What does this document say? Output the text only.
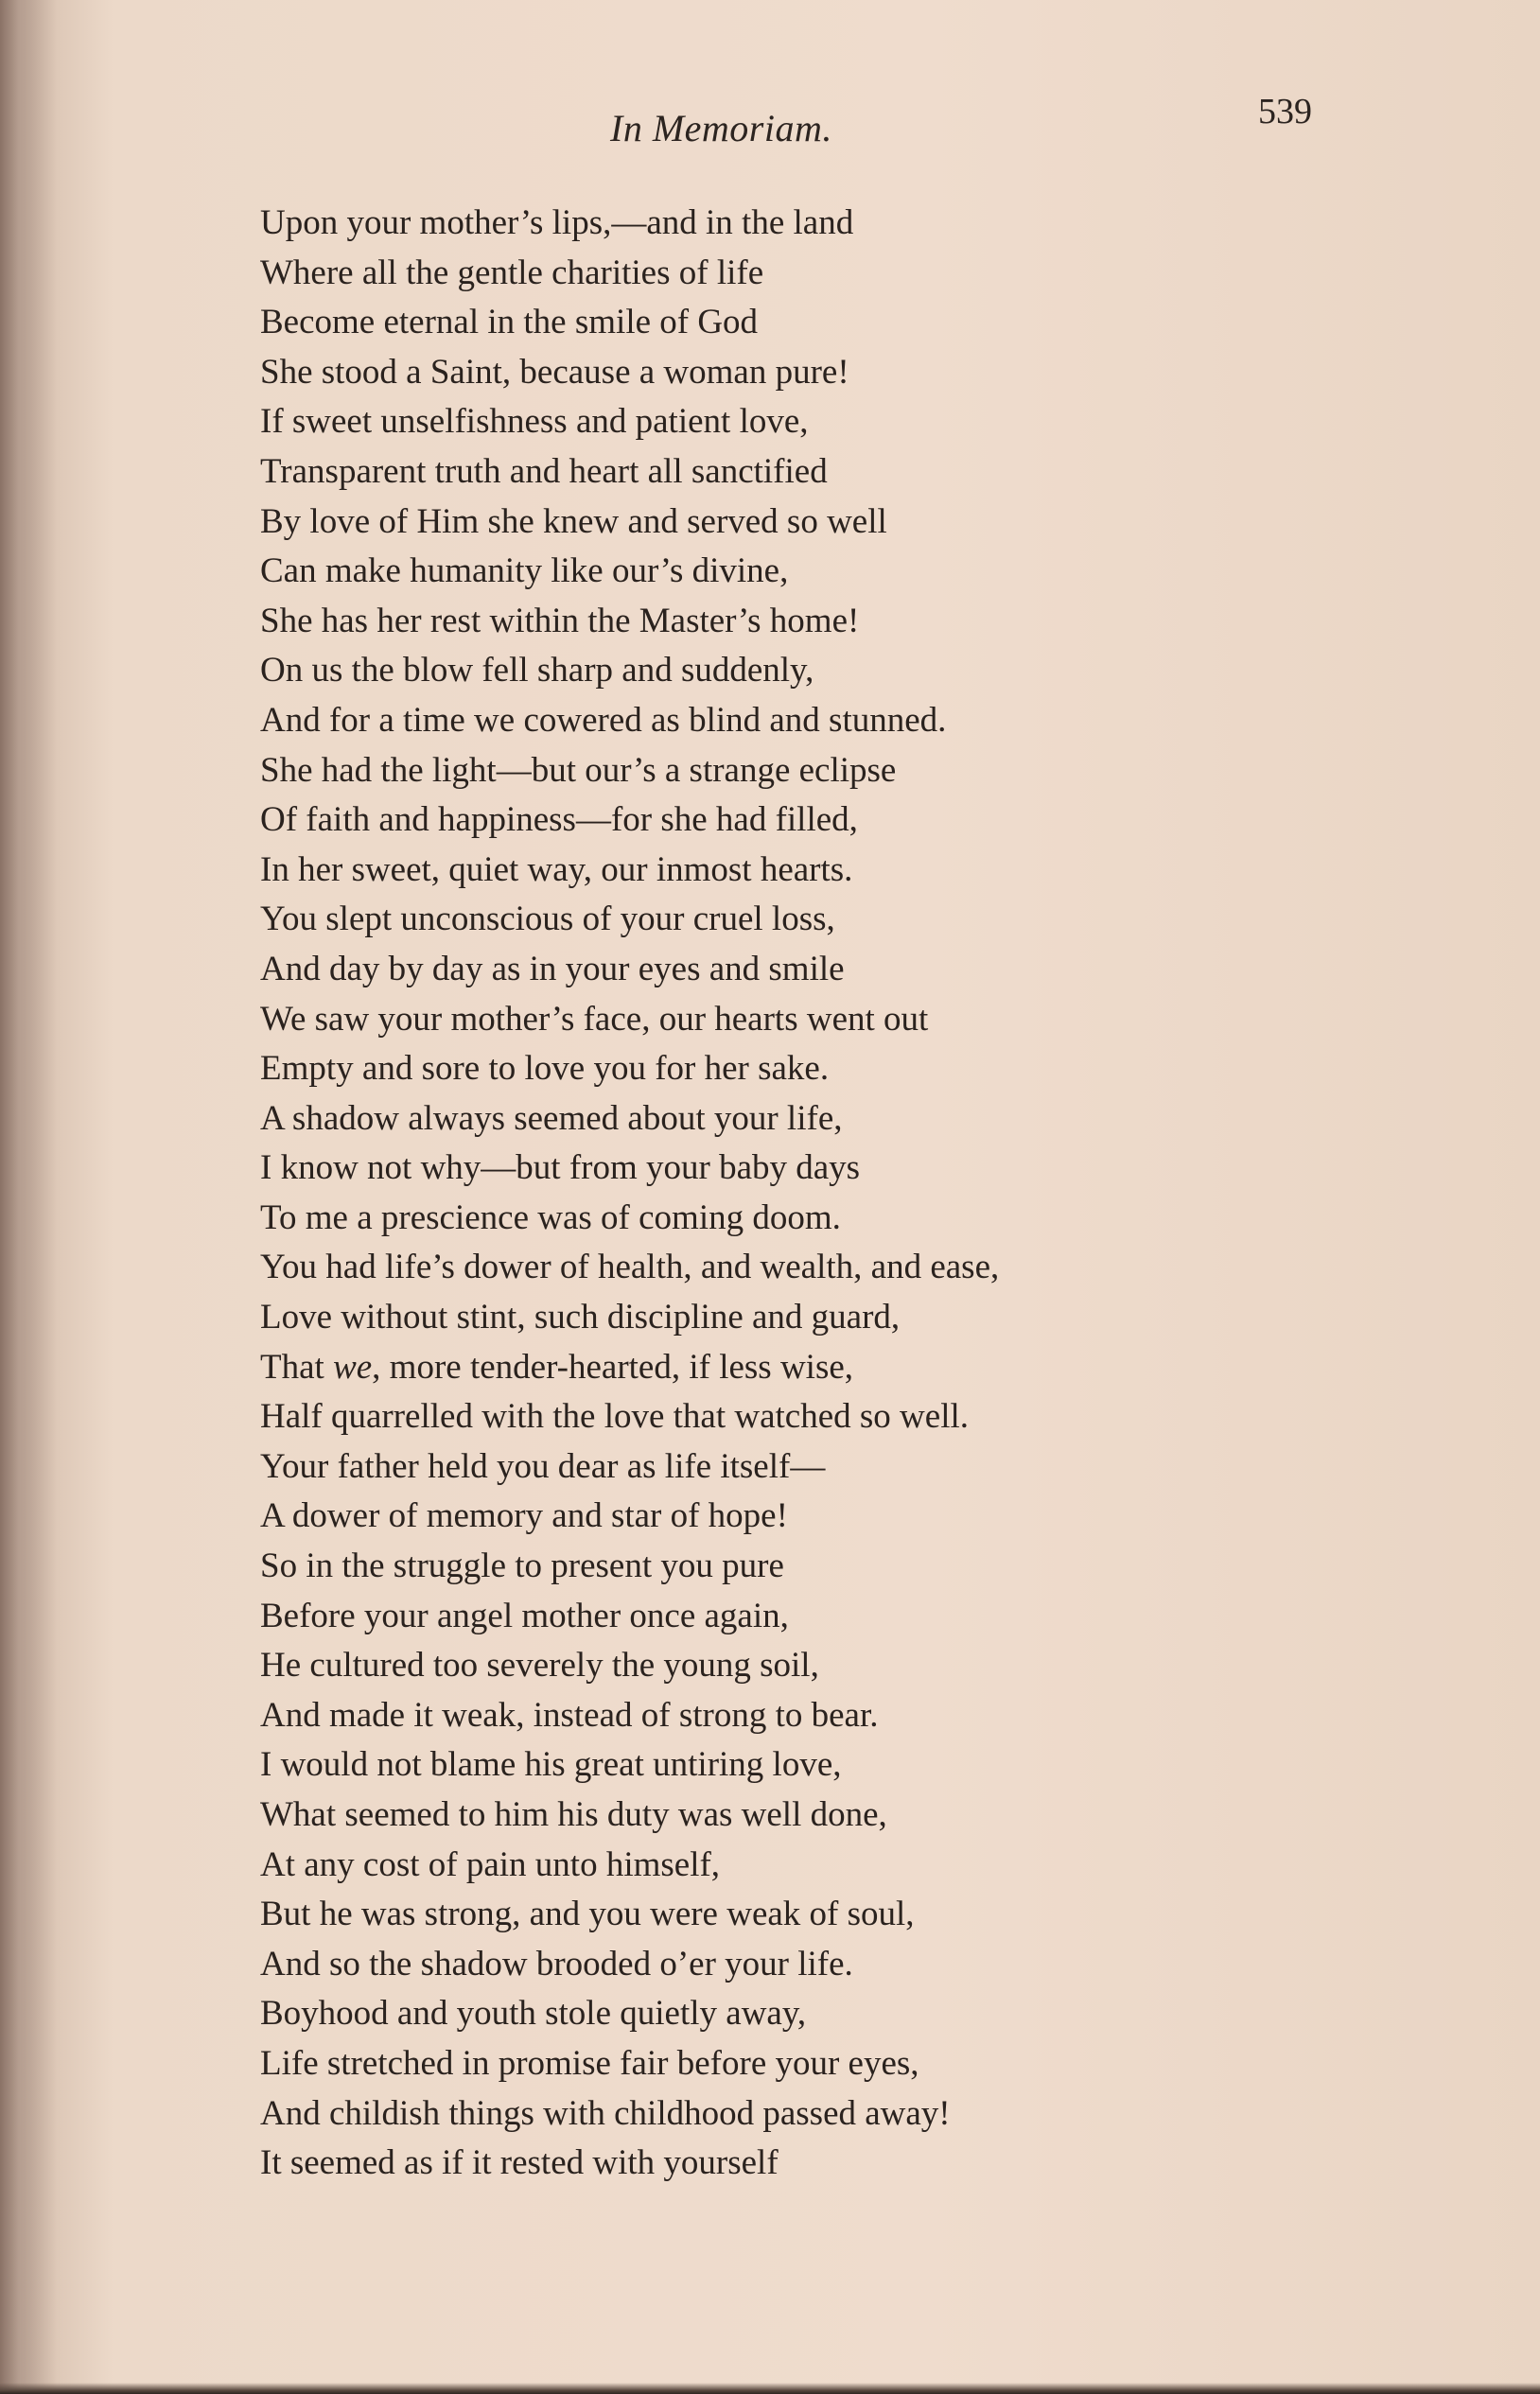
In Memoriam.	539
Upon your mother’s lips,—and in the land
Where all the gentle charities of life
Become eternal in the smile of God
She stood a Saint, because a woman pure!
If sweet unselfishness and patient love,
Transparent truth and heart all sanctified
By love of Him she knew and served so well
Can make humanity like our’s divine,
She has her rest within the Master’s home!
On us the blow fell sharp and suddenly,
And for a time we cowered as blind and stunned.
She had the light—but our’s a strange eclipse
Of faith and happiness—for she had filled,
In her sweet, quiet way, our inmost hearts.
You slept unconscious of your cruel loss,
And day by day as in your eyes and smile
We saw your mother’s face, our hearts went out
Empty and sore to love you for her sake.
A shadow always seemed about your life,
I know not why—but from your baby days
To me a prescience was of coming doom.
You had life’s dower of health, and wealth, and ease,
Love without stint, such discipline and guard,
That we, more tender-hearted, if less wise,
Half quarrelled with the love that watched so well.
Your father held you dear as life itself—
A dower of memory and star of hope!
So in the struggle to present you pure
Before your angel mother once again,
He cultured too severely the young soil,
And made it weak, instead of strong to bear.
I would not blame his great untiring love,
What seemed to him his duty was well done,
At any cost of pain unto himself,
But he was strong, and you were weak of soul,
And so the shadow brooded o’er your life.
Boyhood and youth stole quietly away,
Life stretched in promise fair before your eyes,
And childish things with childhood passed away!
It seemed as if it rested with yourself
